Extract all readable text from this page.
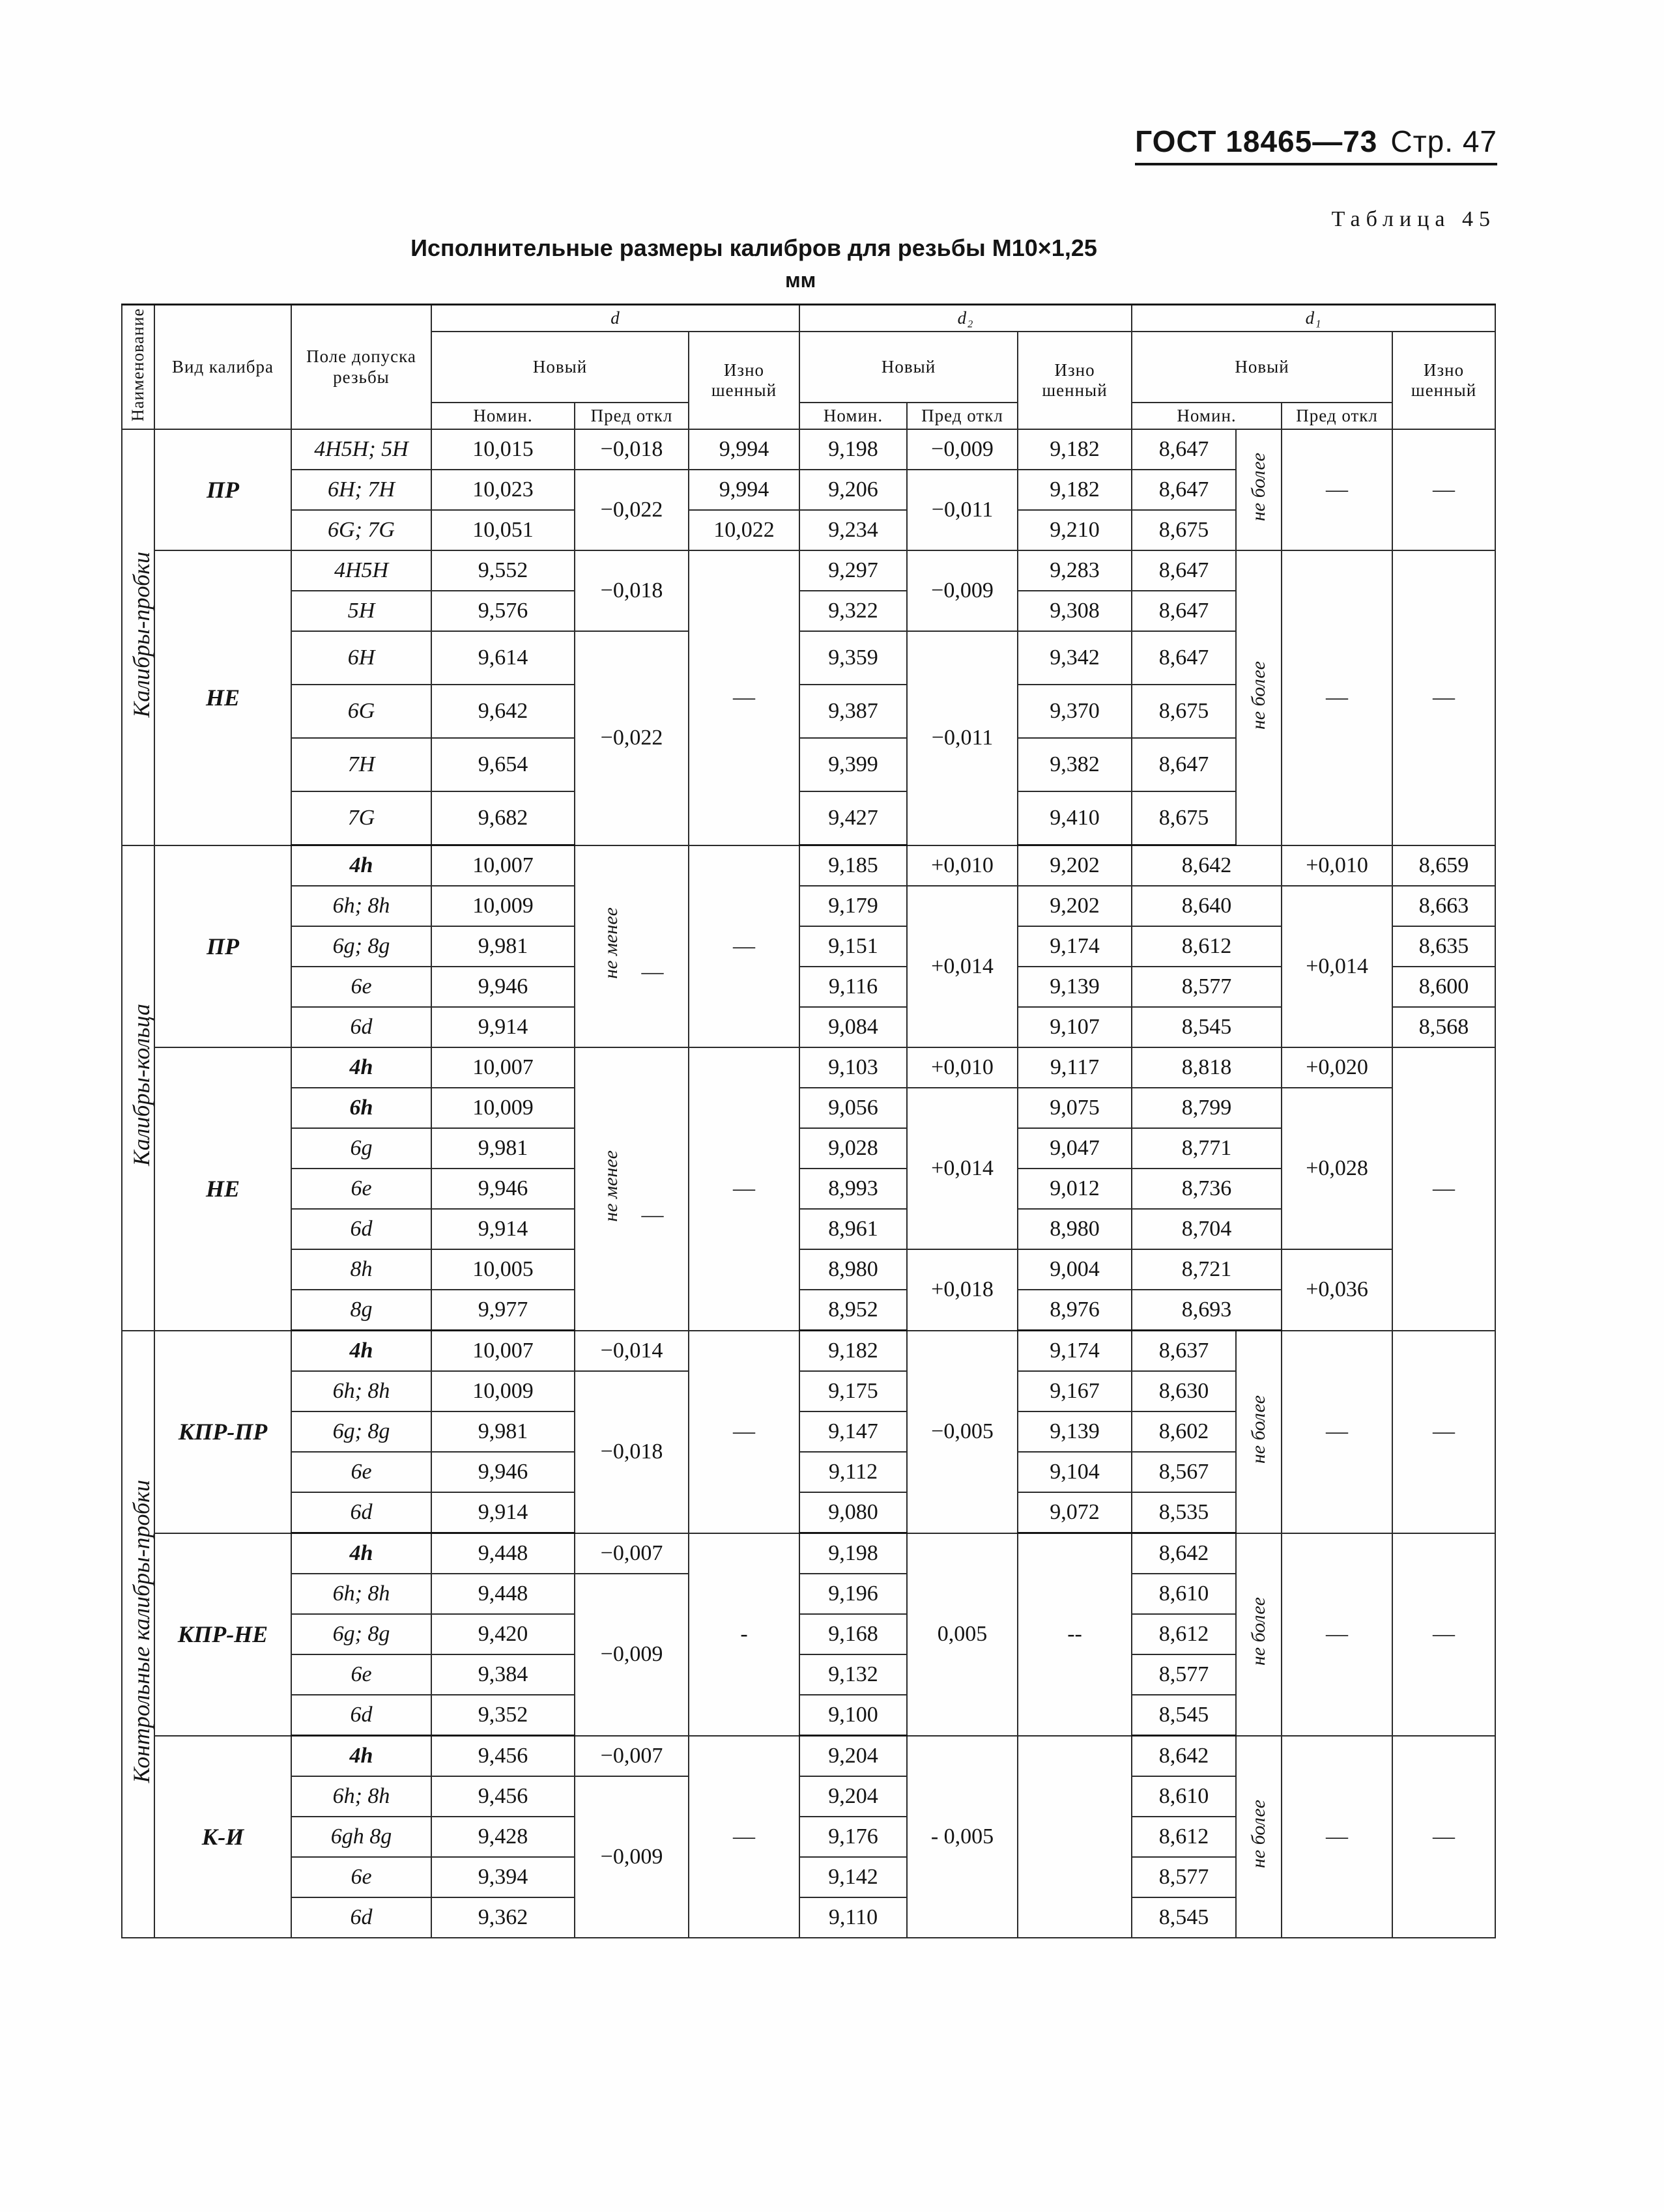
ГОСТ 18465—73 Стр. 47
Таблица 45
Исполнительные размеры калибров для резьбы М10×1,25
мм
Наименование	Вид калибра	Поле допуска резьбы	d			d₂			d₁			
			Новый		Изно шенный	Новый		Изно шенный	Новый			Изно шенный
			Номин.	Пред откл		Номин.	Пред откл		Номин.		Пред откл	
Калибры-пробки	ПР	4Н5Н; 5Н	10,015	−0,018	9,994	9,198	−0,009	9,182	8,647	не более	—	—
		6Н; 7Н	10,023	−0,022	9,994	9,206	−0,011	9,182	8,647			
		6G; 7G	10,051		10,022	9,234		9,210	8,675			
	НЕ	4Н5Н	9,552	−0,018	—	9,297	−0,009	9,283	8,647	не более	—	—
		5Н	9,576			9,322		9,308	8,647			
		6Н	9,614	−0,022		9,359	−0,011	9,342	8,647			
		6G	9,642			9,387		9,370	8,675			
		7Н	9,654			9,399		9,382	8,647			
		7G	9,682			9,427		9,410	8,675			
Калибры-кольца	ПР	4h	10,007	не менее —	—	9,185	+0,010	9,202	8,642		+0,010	8,659
		6h; 8h	10,009			9,179	+0,014	9,202	8,640		+0,014	8,663
		6g; 8g	9,981			9,151		9,174	8,612			8,635
		6e	9,946			9,116		9,139	8,577			8,600
		6d	9,914			9,084		9,107	8,545			8,568
	НЕ	4h	10,007	не менее —	—	9,103	+0,010	9,117	8,818		+0,020	—
		6h	10,009			9,056	+0,014	9,075	8,799		+0,028	
		6g	9,981			9,028		9,047	8,771			
		6e	9,946			8,993		9,012	8,736			
		6d	9,914			8,961		8,980	8,704			
		8h	10,005			8,980	+0,018	9,004	8,721		+0,036	
		8g	9,977			8,952		8,976	8,693			
Контрольные калибры-пробки	КПР-ПР	4h	10,007	−0,014	—	9,182	−0,005	9,174	8,637	не более	—	—
		6h; 8h	10,009	−0,018		9,175		9,167	8,630			
		6g; 8g	9,981			9,147		9,139	8,602			
		6e	9,946			9,112		9,104	8,567			
		6d	9,914			9,080		9,072	8,535			
	КПР-НЕ	4h	9,448	−0,007	-	9,198	0,005	--	8,642	не более	—	—
		6h; 8h	9,448	−0,009		9,196			8,610			
		6g; 8g	9,420			9,168			8,612			
		6e	9,384			9,132			8,577			
		6d	9,352			9,100			8,545			
	К-И	4h	9,456	−0,007	—	9,204	- 0,005		8,642	не более	—	—
		6h; 8h	9,456	−0,009		9,204			8,610			
		6gh 8g	9,428			9,176			8,612			
		6e	9,394			9,142			8,577			
		6d	9,362			9,110			8,545			
